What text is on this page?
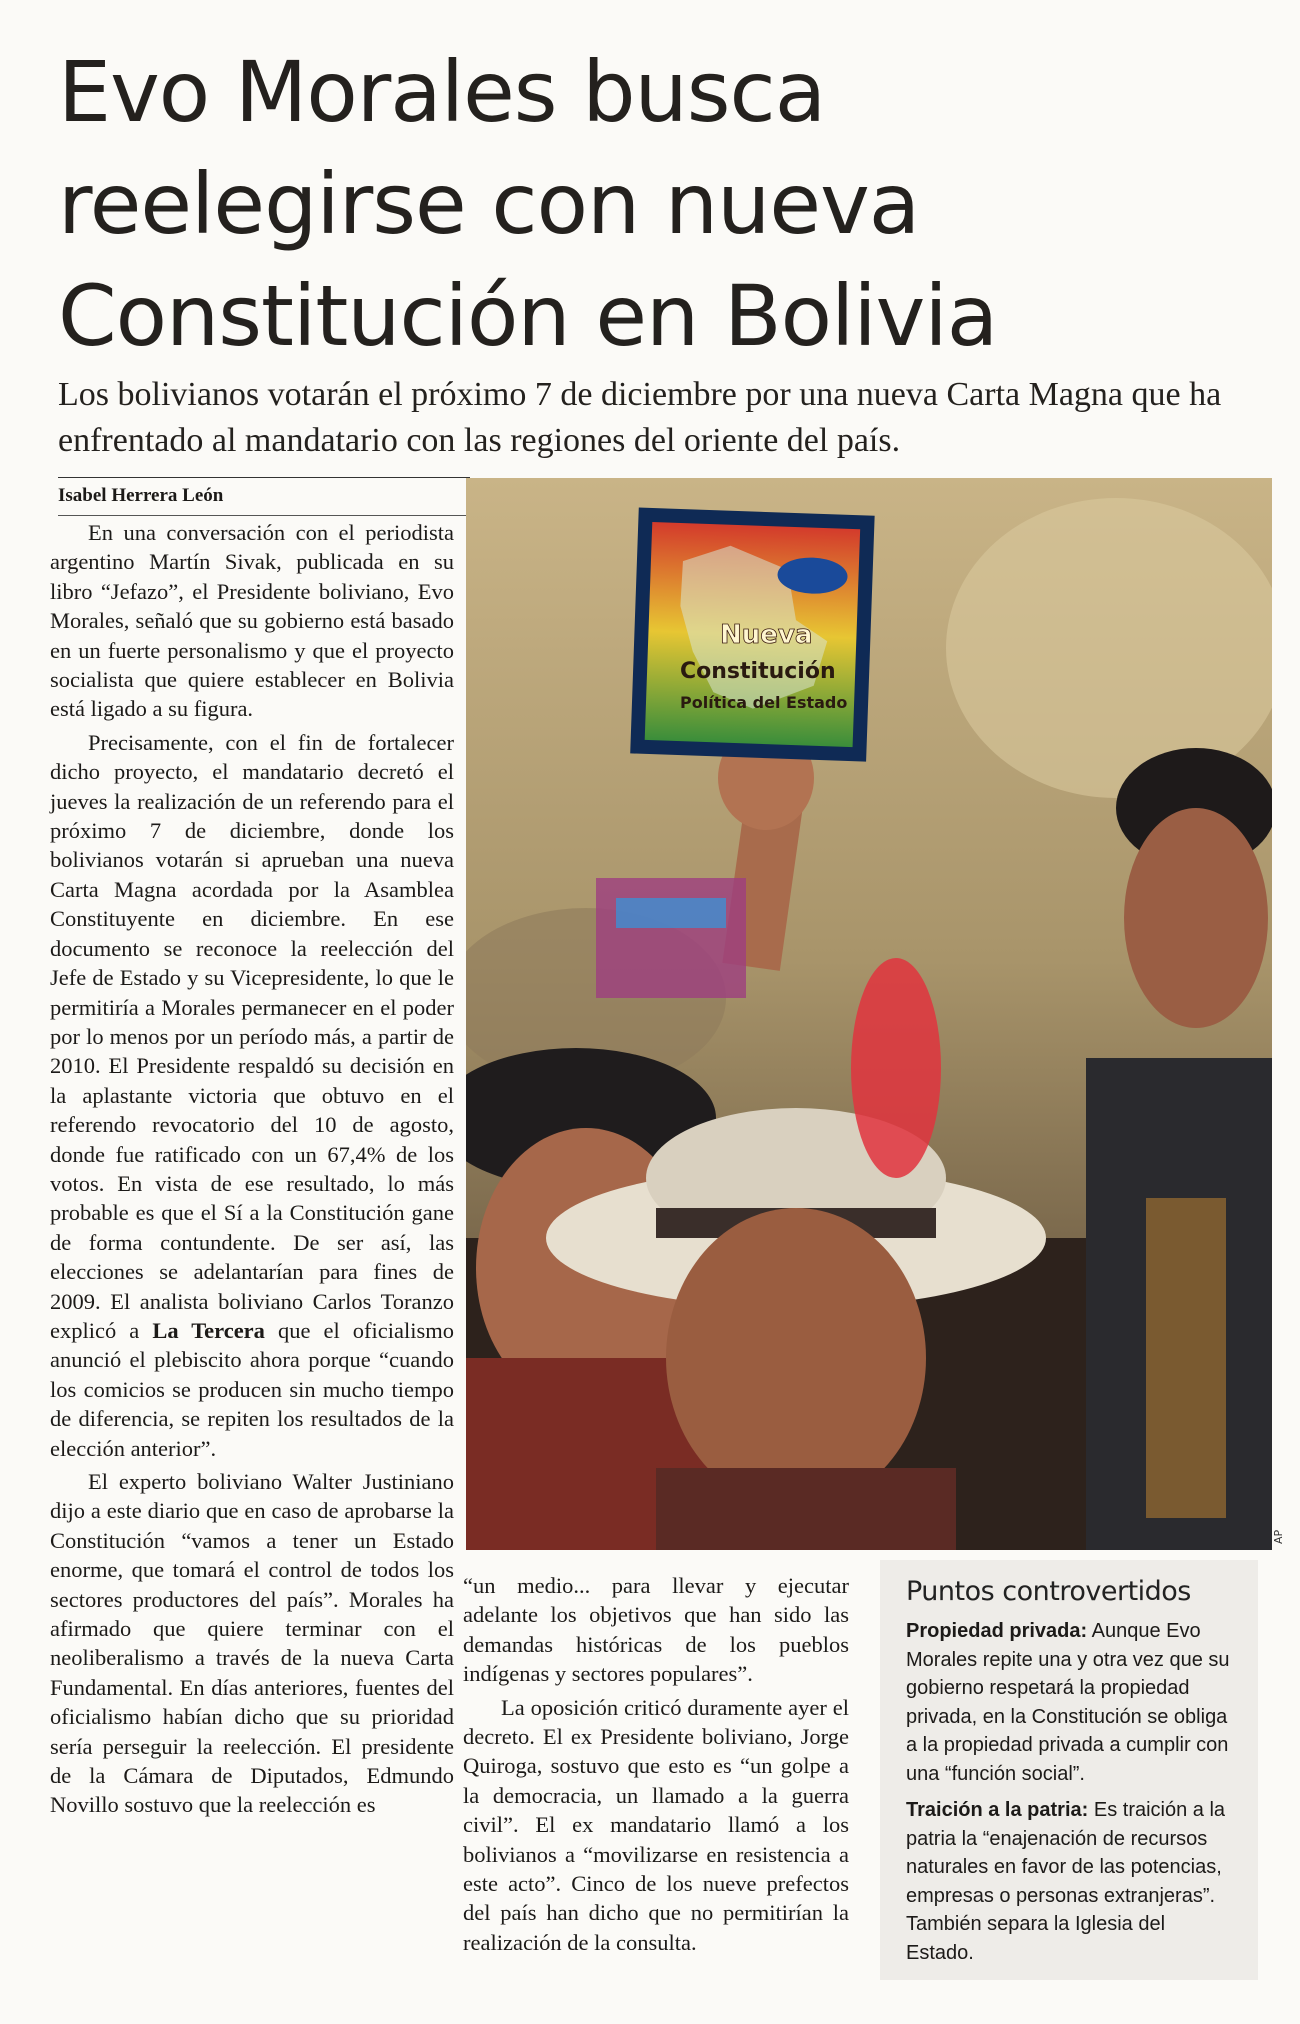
Evo Morales busca
reelegirse con nueva
Constitución en Bolivia
Los bolivianos votarán el próximo 7 de diciembre por una nueva Carta Magna que ha
enfrentado al mandatario con las regiones del oriente del país.
Isabel Herrera León

En una conversación con el periodista argentino Martín Sivak, publicada en su libro “Jefazo”, el Presidente boliviano, Evo Morales, señaló que su gobierno está basado en un fuerte personalismo y que el proyecto socialista que quiere establecer en Bolivia está ligado a su figura.

Precisamente, con el fin de fortalecer dicho proyecto, el mandatario decretó el jueves la realización de un referendo para el próximo 7 de diciembre, donde los bolivianos votarán si aprueban una nueva Carta Magna acordada por la Asamblea Constituyente en diciembre. En ese documento se reconoce la reelección del Jefe de Estado y su Vicepresidente, lo que le permitiría a Morales permanecer en el poder por lo menos por un período más, a partir de 2010. El Presidente respaldó su decisión en la aplastante victoria que obtuvo en el referendo revocatorio del 10 de agosto, donde fue ratificado con un 67,4% de los votos. En vista de ese resultado, lo más probable es que el Sí a la Constitución gane de forma contundente. De ser así, las elecciones se adelantarían para fines de 2009. El analista boliviano Carlos Toranzo explicó a La Tercera que el oficialismo anunció el plebiscito ahora porque “cuando los comicios se producen sin mucho tiempo de diferencia, se repiten los resultados de la elección anterior”.

El experto boliviano Walter Justiniano dijo a este diario que en caso de aprobarse la Constitución “vamos a tener un Estado enorme, que tomará el control de todos los sectores productores del país”. Morales ha afirmado que quiere terminar con el neoliberalismo a través de la nueva Carta Fundamental. En días anteriores, fuentes del oficialismo habían dicho que su prioridad sería perseguir la reelección. El presidente de la Cámara de Diputados, Edmundo Novillo sostuvo que la reelección es

Nueva
Constitución
Política del Estado
AP

“un medio... para llevar y ejecutar adelante los objetivos que han sido las demandas históricas de los pueblos indígenas y sectores populares”.

La oposición criticó duramente ayer el decreto. El ex Presidente boliviano, Jorge Quiroga, sostuvo que esto es “un golpe a la democracia, un llamado a la guerra civil”. El ex mandatario llamó a los bolivianos a “movilizarse en resistencia a este acto”. Cinco de los nueve prefectos del país han dicho que no permitirían la realización de la consulta.

Puntos controvertidos

Propiedad privada: Aunque Evo Morales repite una y otra vez que su gobierno respetará la propiedad privada, en la Constitución se obliga a la propiedad privada a cumplir con una “función social”.

Traición a la patria: Es traición a la patria la “enajenación de recursos naturales en favor de las potencias, empresas o personas extranjeras”. También separa la Iglesia del Estado.
